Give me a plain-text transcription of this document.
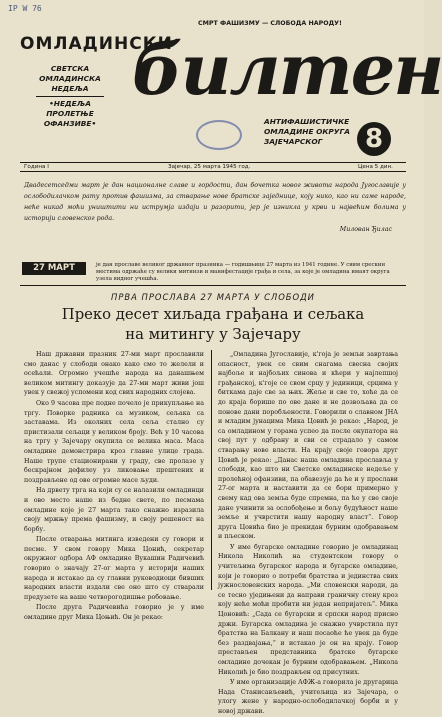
IP W 76
ОМЛАДИНСКИ
СМРТ ФАШИЗМУ — СЛОБОДА НАРОДУ!
СВЕТСКА
ОМЛАДИНСКА
НЕДЕЉА
•НЕДЕЉА
ПРОЛЕТЊЕ
ОФАНЗИВЕ•
билтен
АНТИФАШИСТИЧКЕ
ОМЛАДИНЕ ОКРУГА
ЗАЈЕЧАРСКОГ	8
Година I	Зајечар, 25 марта 1945 год.	Цена 5 дин.
Двадесетседми март је дан националне славе и гордости, дан бочетка новог живота народа Југославије у ослободилачком рату против фашизма, за стварање нове братске заједнице, коју нико, као ни саме народе, неће никад моћи уништити ни иструмја издаји и разорити, јер је изникла у крви и највећим болима у историји словенског рода.
Милован Ђилас
27 МАРТ	је дан прославе великог државног празника — годишњице 27 марта из 1941 године. У свим срескин местима одржаће су велики митинзи и манифестације грађа и села, за које је омладина имаят округа узела видног учешћа.
ПРВА ПРОСЛАВА 27 МАРТА У СЛОБОДИ
Преко десет хиљада грађана и сељака
на митингу у Зајечару

Наш државни празник 27-ми март прославили смо данас у слободи онако како смо то желели и осећали. Огромно учешће народа на данашњем великом митингу доказује да 27-ми март живи још увек у свежој успомени код свих народних слојева.

Око 9 часова пре подне почело је прикупљање на тргу. Поворке радника са музиком, сељака са заставама. Из околних села сеља стално су пристизали сељаци у великом броју. Већ у 10 часова на тргу у Зајечару окупила се велика маса. Маса омладине демонстрира кроз главне улице града. Наше трупе стационирани у граду, све пролазе у бескрајном дефилеу уз ликовање прештених и поздрављене од ове огромне масе људи.

На дрвету трга на који су се налазили омладинци и ово место наше из бедне свете, по песмама омладине које је 27 марта тако снажно изразила своју мржњу према фашизму, и своју решеност на борбу.

После отварања митинга изведени су говори и песме. У свом говору Мика Цонић, секретар окружног одбора АФ омладине Вукашин Радичевић говорио о значају 27-ог марта у историји наших народа и истакао да су главни руководиоци бивших народних власти издали све оно што су стварали предузете на ваше четворогодишње робовање.

После друга Радичевића говорио је у име омладине друг Мика Цоњић. Он је рекао:

„Омладина Југославије, к'гоја је земљи завртања опасност, увек се свим снагама свесна својих најбоље и најбољих синова и кћери у најлепшој грађанској, к'гоје се свом срцу у јединици, срцима у биткама даје све за њих. Жеље и све то, хоће да се до краја борише по ове дане и не дозвољава да се понове дани поробљености. Говорили о славном ЈНА и младим јунацима Мика Цовић је рекао: „Народ, је са омладином у горама успео да после окупатора на свој пут у одбрану и сви се страдало у самом стварању нове власти. На крају своје говора друг Цовић је рекао: „Данас наша омладина прославља у слободи, као што ни Светске омладинске недеље у пролећној офанзиви, па обавезује да ће и у прослави 27-ог марта и наставити да се бори примерно у свему кад ова земља буде спремна, па ће у све своје дане учинити за ослобођење и бољу будућност наше земље и учврстити нашу народну власт“. Говор друга Цовића био је прекидан бурним одобравањем и пљеском.

У име бугарске омладине говорио је омладинац Никола Николић на студентском говору о учитељима бугарског народа и бугарске омладине, који је говорио о потреби братства и јединства свих јужнословенских народа. „Ми словенски народи, да се тесно уједињени да направи граничну стену кроз коју неће моћи пробити ни један непријатељ“. Мика Цоновић: „Сада се бугарски и српски народ присно држи. Бугарска омладина је снажно учврстила пут братства на Балкану и наш посаоће ће увек да буде без раздвајања,“ и истакао је он на крају. Говор престављен представника братске бугарске омладине дочекан је бурним одобравањем. „Никола Николић је био поздрављен од присутних.

У име организације АФЖ-а говорила је другарица Нада Станисављевић, учитељица из Зајечара, о улогу жене у народно-ослободилачкој борби и у новој држави.
